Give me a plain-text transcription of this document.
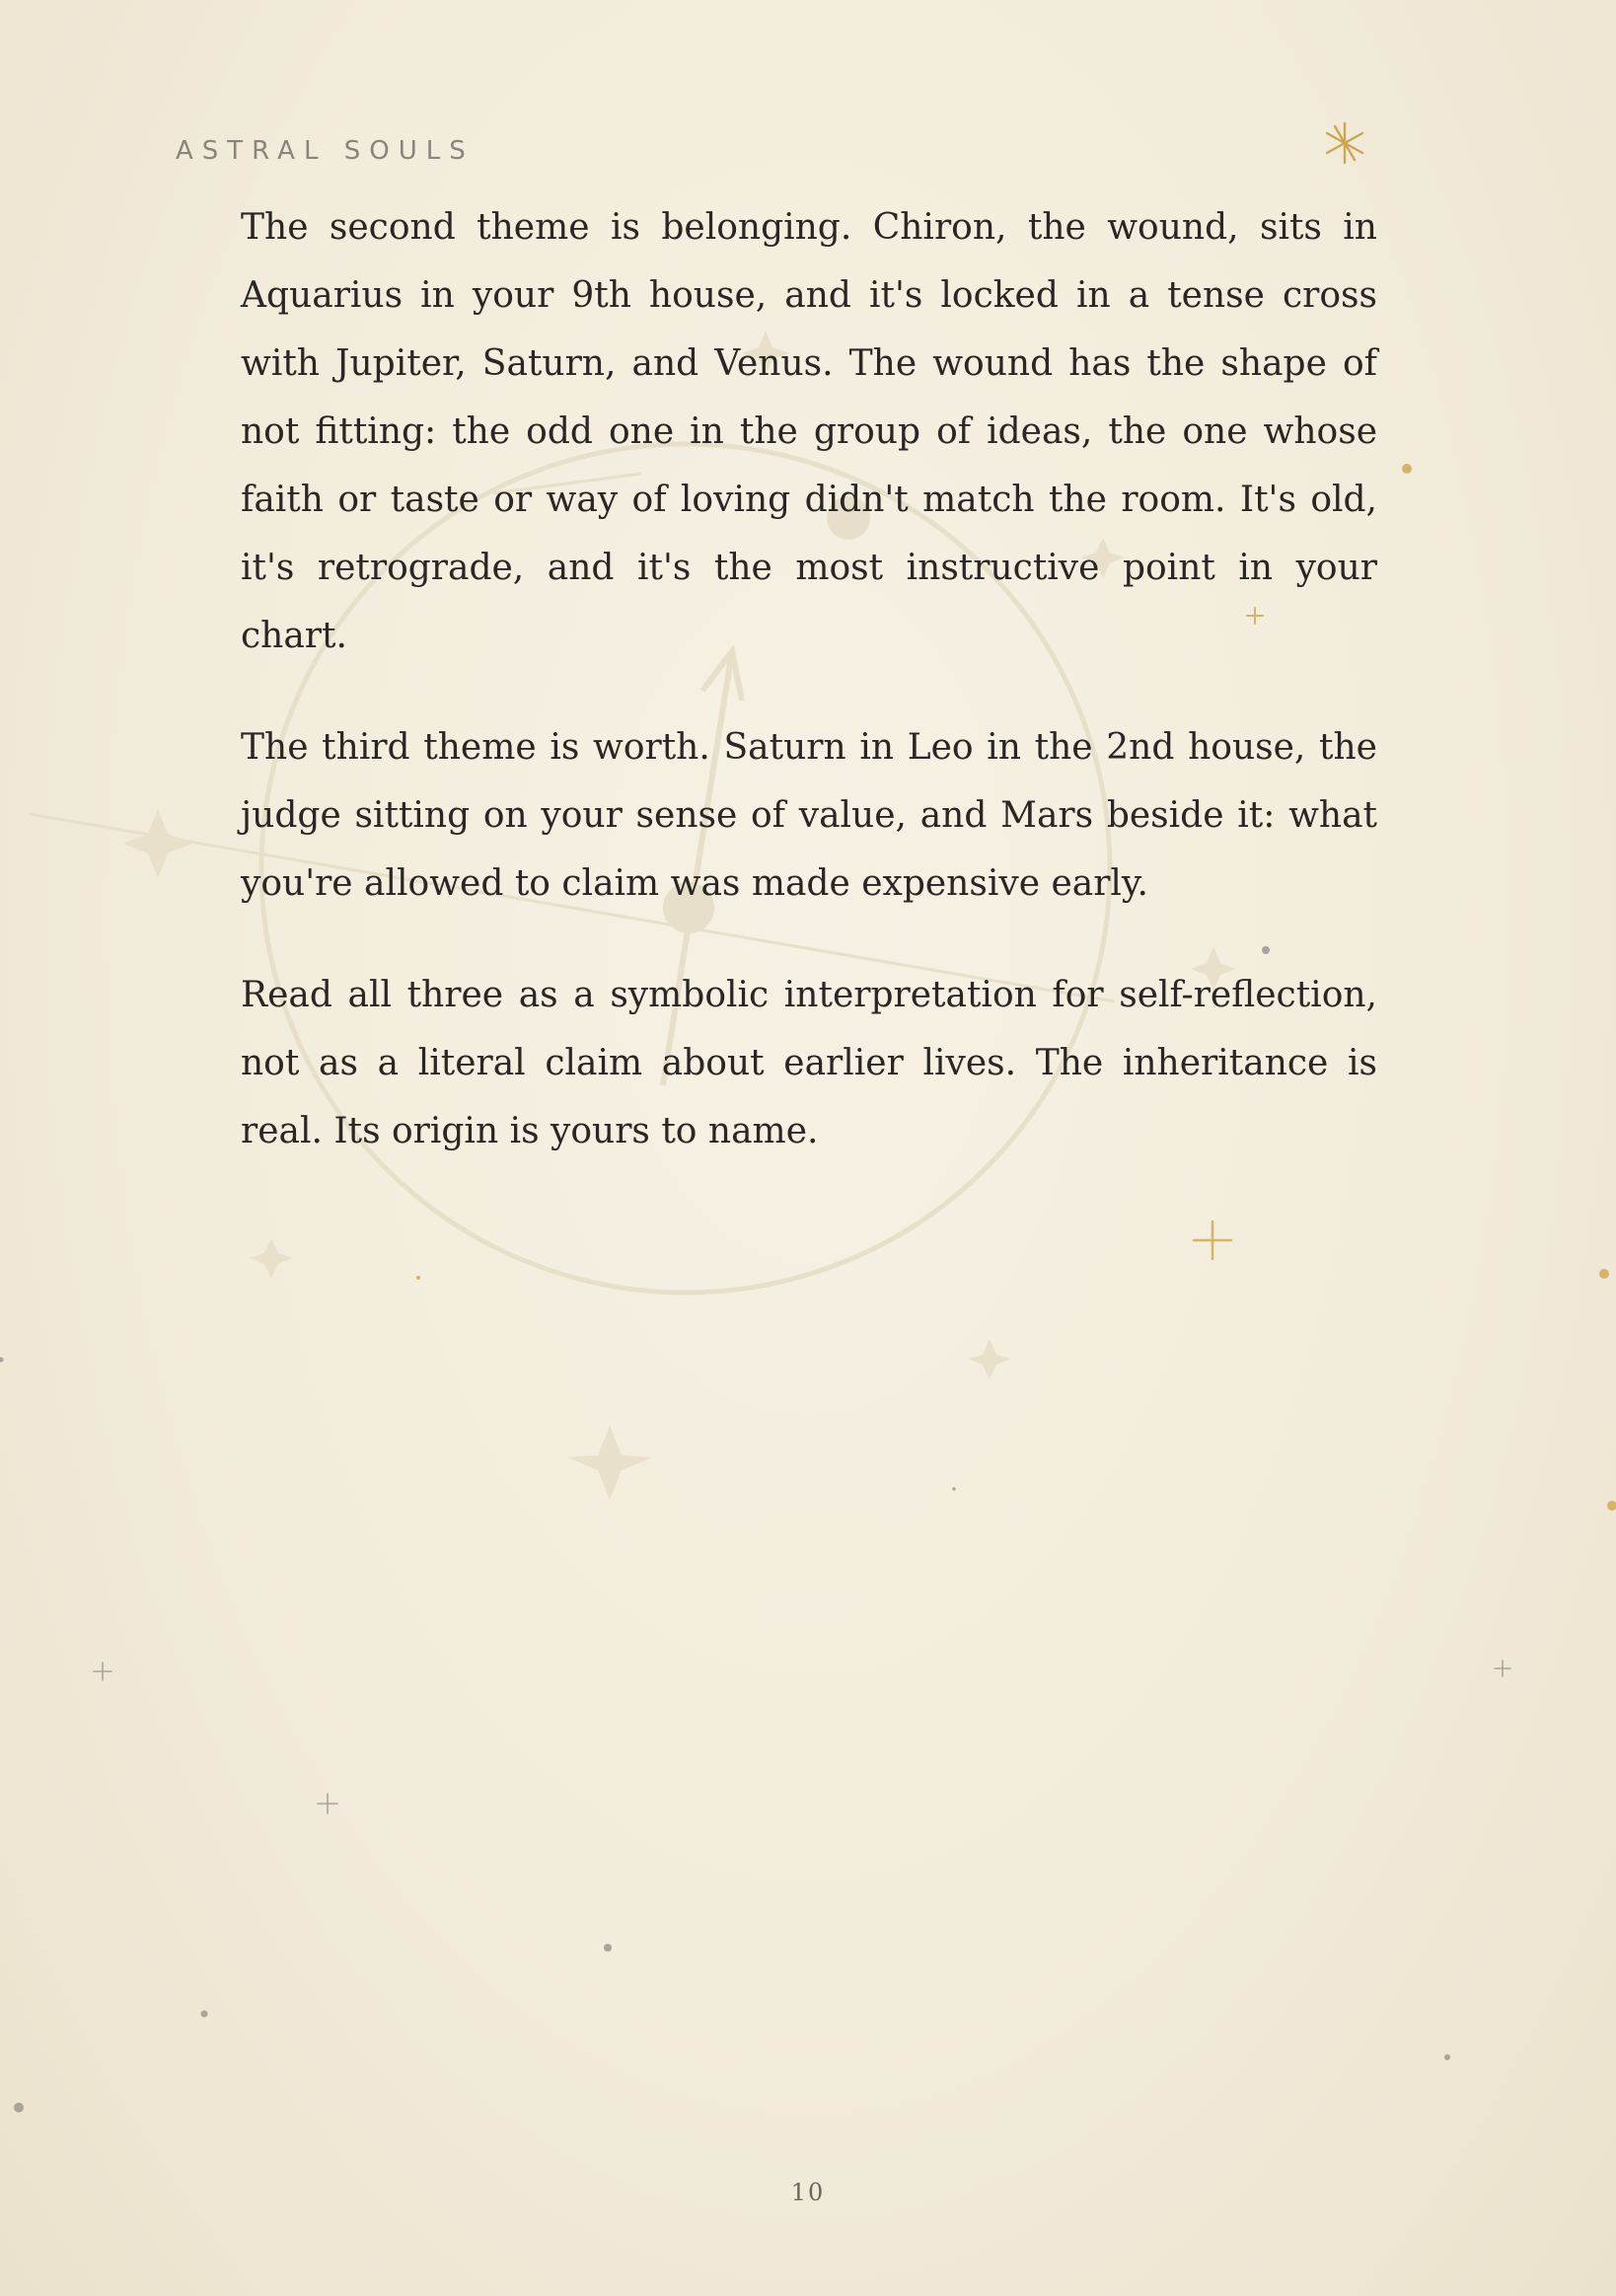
ASTRAL SOULS

The second theme is belonging. Chiron, the wound, sits in Aquarius in your 9th house, and it's locked in a tense cross with Jupiter, Saturn, and Venus. The wound has the shape of not fitting: the odd one in the group of ideas, the one whose faith or taste or way of loving didn't match the room. It's old, it's retrograde, and it's the most instructive point in your chart.

The third theme is worth. Saturn in Leo in the 2nd house, the judge sitting on your sense of value, and Mars beside it: what you're allowed to claim was made expensive early.

Read all three as a symbolic interpretation for self-reflection, not as a literal claim about earlier lives. The inheritance is real. Its origin is yours to name.

10
